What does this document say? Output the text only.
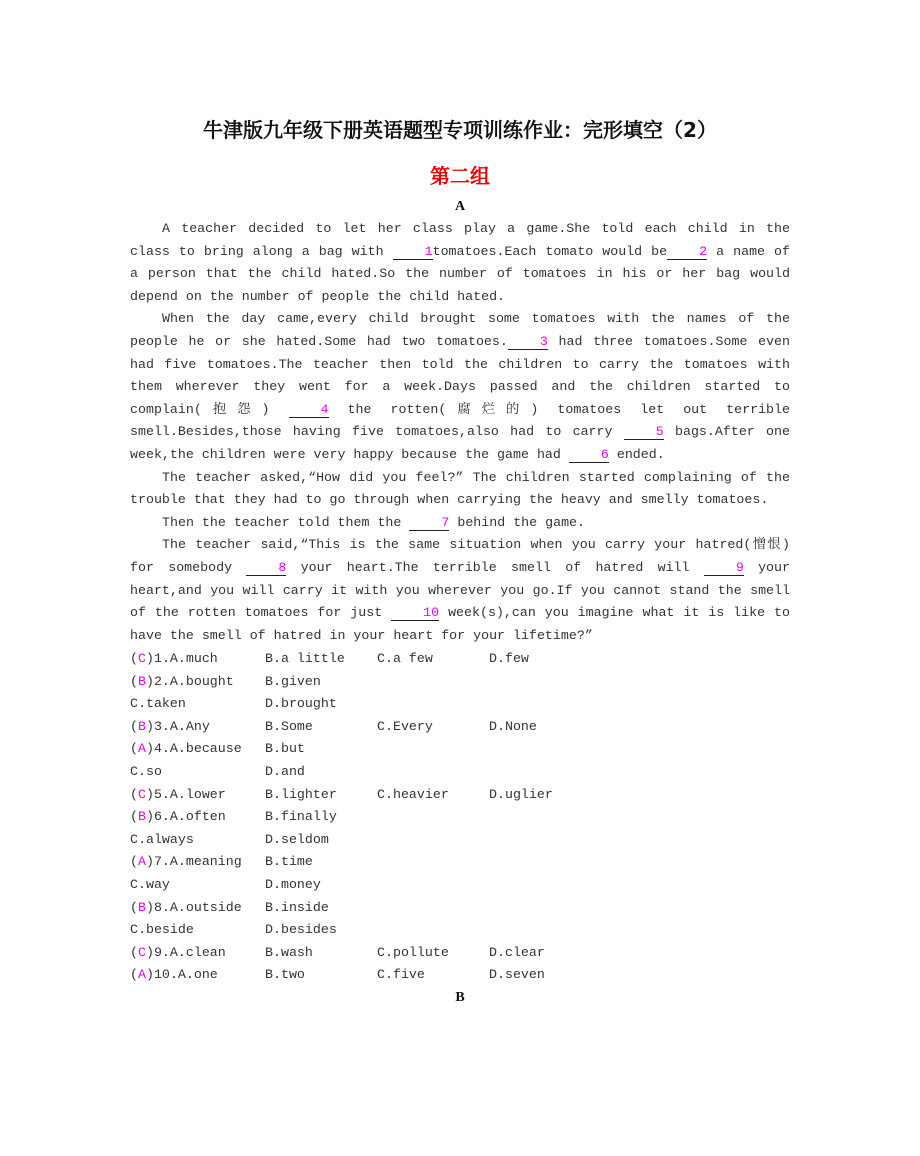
牛津版九年级下册英语题型专项训练作业：完形填空（2）
第二组
A

A teacher decided to let her class play a game.She told each child in the class to bring along a bag with 1tomatoes.Each tomato would be 2 a name of a person that the child hated.So the number of tomatoes in his or her bag would depend on the number of people the child hated.

When the day came,every child brought some tomatoes with the names of the people he or she hated.Some had two tomatoes. 3 had three tomatoes.Some even had five tomatoes.The teacher then told the children to carry the tomatoes with them wherever they went for a week.Days passed and the children started to complain(抱怨) 4 the rotten(腐烂的) tomatoes let out terrible smell.Besides,those having five tomatoes,also had to carry 5 bags.After one week,the children were very happy because the game had 6 ended.

The teacher asked,“How did you feel?” The children started complaining of the trouble that they had to go through when carrying the heavy and smelly tomatoes.

Then the teacher told them the 7 behind the game.

The teacher said,“This is the same situation when you carry your hatred(憎恨) for somebody 8 your heart.The terrible smell of hatred will 9 your heart,and you will carry it with you wherever you go.If you cannot stand the smell of the rotten tomatoes for just 10 week(s),can you imagine what it is like to have the smell of hatred in your heart for your lifetime?”

(C)1.A.much	B.a little	C.a few	D.few
(B)2.A.bought	B.given
C.taken	D.brought
(B)3.A.Any	B.Some	C.Every	D.None
(A)4.A.because	B.but
C.so	D.and
(C)5.A.lower	B.lighter	C.heavier	D.uglier
(B)6.A.often	B.finally
C.always	D.seldom
(A)7.A.meaning	B.time
C.way	D.money
(B)8.A.outside	B.inside
C.beside	D.besides
(C)9.A.clean	B.wash	C.pollute	D.clear
(A)10.A.one	B.two	C.five	D.seven
B
